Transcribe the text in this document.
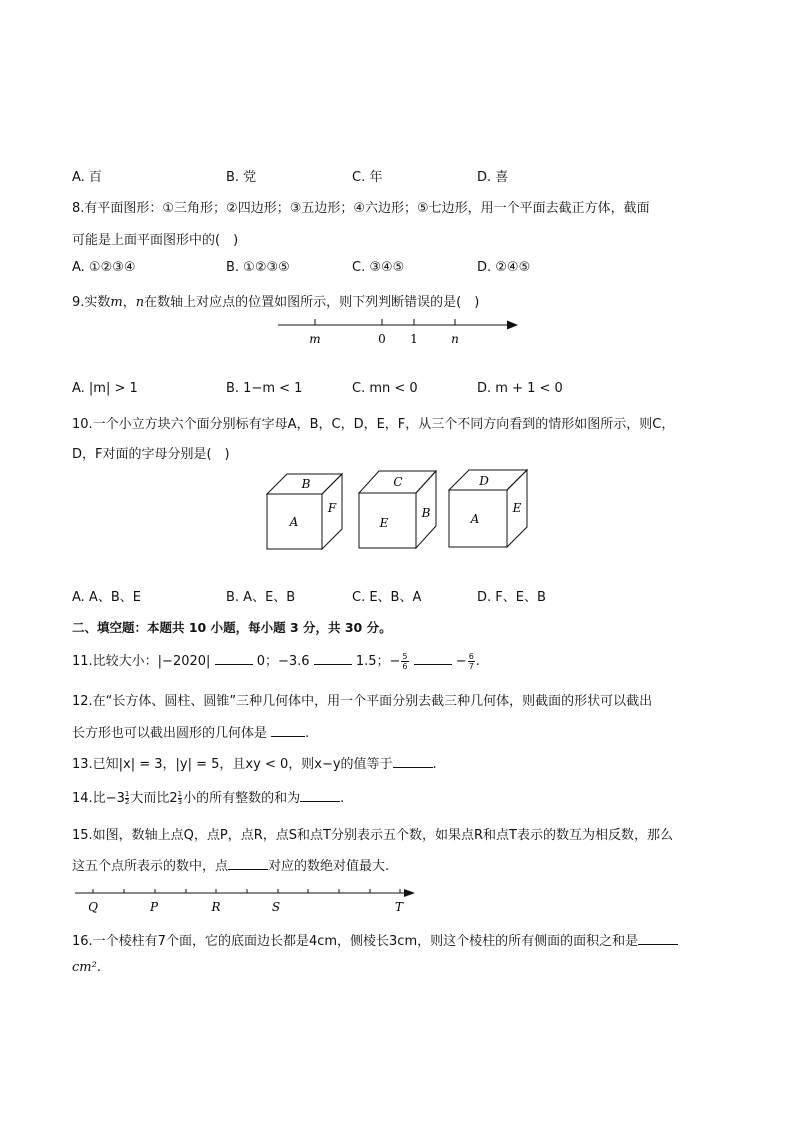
A. 百	B. 党	C. 年	D. 喜
8.有平面图形：①三角形；②四边形；③五边形；④六边形；⑤七边形，用一个平面去截正方体，截面
可能是上面平面图形中的(　)
A. ①②③④	B. ①②③⑤	C. ③④⑤	D. ②④⑤
9.实数m，n在数轴上对应点的位置如图所示，则下列判断错误的是(　)
m	0 1	n
A. |m| > 1	B. 1−m < 1	C. mn < 0	D. m + 1 < 0
10.一个小立方块六个面分别标有字母A，B，C，D，E，F，从三个不同方向看到的情形如图所示，则C，
D，F对面的字母分别是(　)
B
A
F
C
E
B
D
A
E
A. A、B、E	B. A、E、B	C. E、B、A	D. F、E、B
二、填空题：本题共 10 小题，每小题 3 分，共 30 分。
11.比较大小：|−2020|	0；−3.6	1.5；− $\frac{5}{6}$	− $\frac{6}{7}$ .
12.在“长方体、圆柱、圆锥”三种几何体中，用一个平面分别去截三种几何体，则截面的形状可以截出
长方形也可以截出圆形的几何体是	.
13.已知|x| = 3，|y| = 5，且xy < 0，则x−y的值等于	.
14.比$-3 \frac{1}{2}$大而比$2 \frac{1}{3}$小的所有整数的和为	.
15.如图，数轴上点Q，点P，点R，点S和点T分别表示五个数，如果点R和点T表示的数互为相反数，那么
这五个点所表示的数中，点	对应的数绝对值最大.
Q	P	R	S	T
16.一个棱柱有7个面，它的底面边长都是4cm，侧棱长3cm，则这个棱柱的所有侧面的面积之和是
cm².
